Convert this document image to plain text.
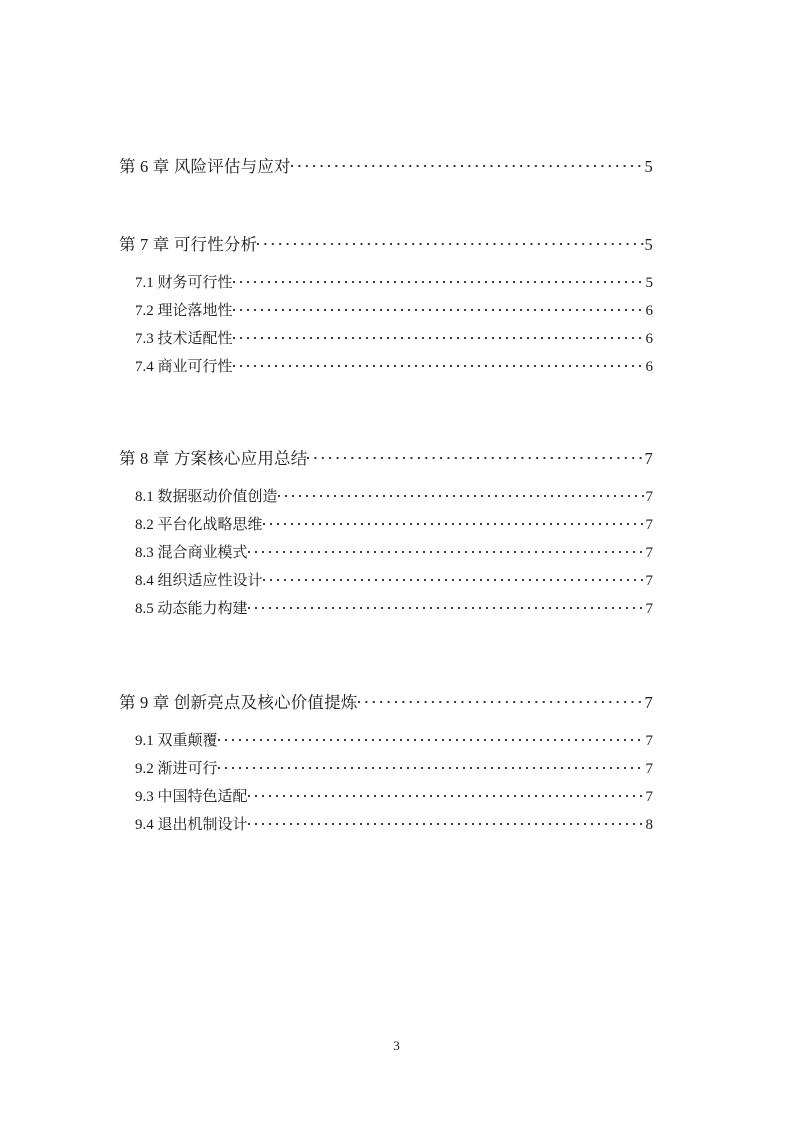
第 6 章 风险评估与应对	5
第 7 章 可行性分析	5
7.1 财务可行性	5
7.2 理论落地性	6
7.3 技术适配性	6
7.4 商业可行性	6
第 8 章 方案核心应用总结	7
8.1 数据驱动价值创造	7
8.2 平台化战略思维	7
8.3 混合商业模式	7
8.4 组织适应性设计	7
8.5 动态能力构建	7
第 9 章 创新亮点及核心价值提炼	7
9.1 双重颠覆	7
9.2 渐进可行	7
9.3 中国特色适配	7
9.4 退出机制设计	8
3
